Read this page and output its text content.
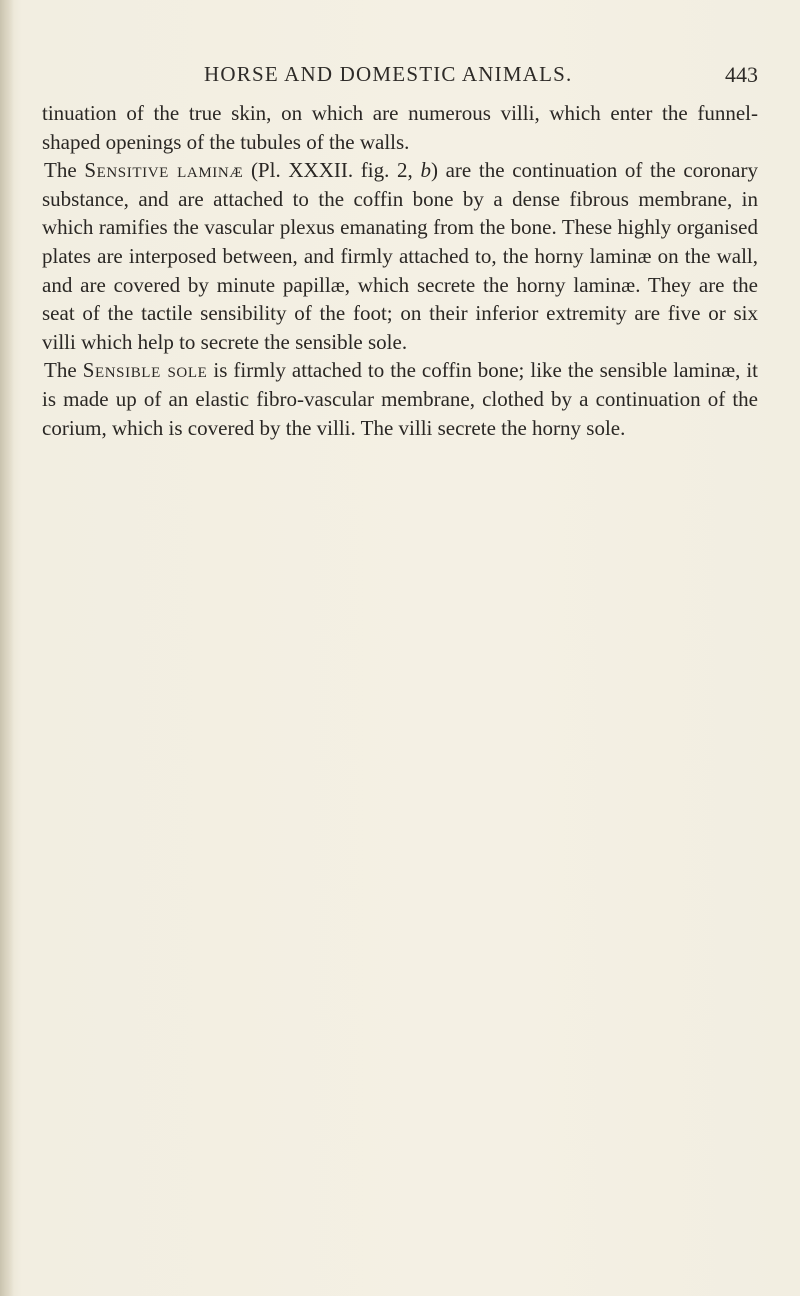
HORSE AND DOMESTIC ANIMALS.	443

tinuation of the true skin, on which are numerous villi, which enter the funnel-shaped openings of the tubules of the walls.

The Sensitive laminæ (Pl. XXXII. fig. 2, b) are the continuation of the coronary substance, and are attached to the coffin bone by a dense fibrous membrane, in which ramifies the vascular plexus emanating from the bone. These highly organised plates are interposed between, and firmly attached to, the horny laminæ on the wall, and are covered by minute papillæ, which secrete the horny laminæ. They are the seat of the tactile sensibility of the foot; on their inferior extremity are five or six villi which help to secrete the sensible sole.

The Sensible sole is firmly attached to the coffin bone; like the sensible laminæ, it is made up of an elastic fibro-vascular membrane, clothed by a continuation of the corium, which is covered by the villi. The villi secrete the horny sole.
